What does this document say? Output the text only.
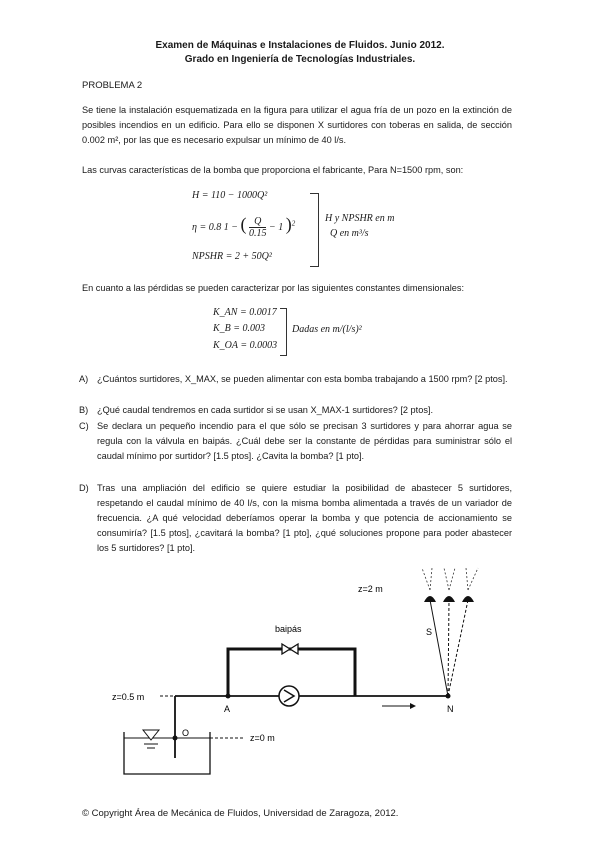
Examen de Máquinas e Instalaciones de Fluidos. Junio 2012.
Grado en Ingeniería de Tecnologías Industriales.
PROBLEMA 2
Se tiene la instalación esquematizada en la figura para utilizar el agua fría de un pozo en la extinción de posibles incendios en un edificio. Para ello se disponen X surtidores con toberas en salida, de sección 0.002 m², por las que es necesario expulsar un mínimo de 40 l/s.
Las curvas características de la bomba que proporciona el fabricante, Para N=1500 rpm, son:
H = 110 − 1000Q²
η = 0.8 1 − ( $\frac{Q}{0.15} - 1$ )$^2$
NPSHR = 2 + 50Q²
H y NPSHR en m
Q en m³/s
En cuanto a las pérdidas se pueden caracterizar por las siguientes constantes dimensionales:
K_AN = 0.0017
K_B = 0.003
K_OA = 0.0003
Dadas en m/(l/s)²
A) ¿Cuántos surtidores, X_MAX, se pueden alimentar con esta bomba trabajando a 1500 rpm? [2 ptos].
B) ¿Qué caudal tendremos en cada surtidor si se usan X_MAX-1 surtidores? [2 ptos].
C) Se declara un pequeño incendio para el que sólo se precisan 3 surtidores y para ahorrar agua se regula con la válvula en baipás. ¿Cuál debe ser la constante de pérdidas para suministrar sólo el caudal mínimo por surtidor? [1.5 ptos]. ¿Cavita la bomba? [1 pto].
D) Tras una ampliación del edificio se quiere estudiar la posibilidad de abastecer 5 surtidores, respetando el caudal mínimo de 40 l/s, con la misma bomba alimentada a través de un variador de frecuencia. ¿A qué velocidad deberíamos operar la bomba y que potencia de accionamiento se consumiría? [1.5 ptos], ¿cavitará la bomba? [1 pto], ¿qué soluciones propone para poder abastecer los 5 surtidores? [1 pto].
z=2 m
baipás	S
z=0.5 m
A	N
O	z=0 m
© Copyright Área de Mecánica de Fluidos, Universidad de Zaragoza, 2012.
